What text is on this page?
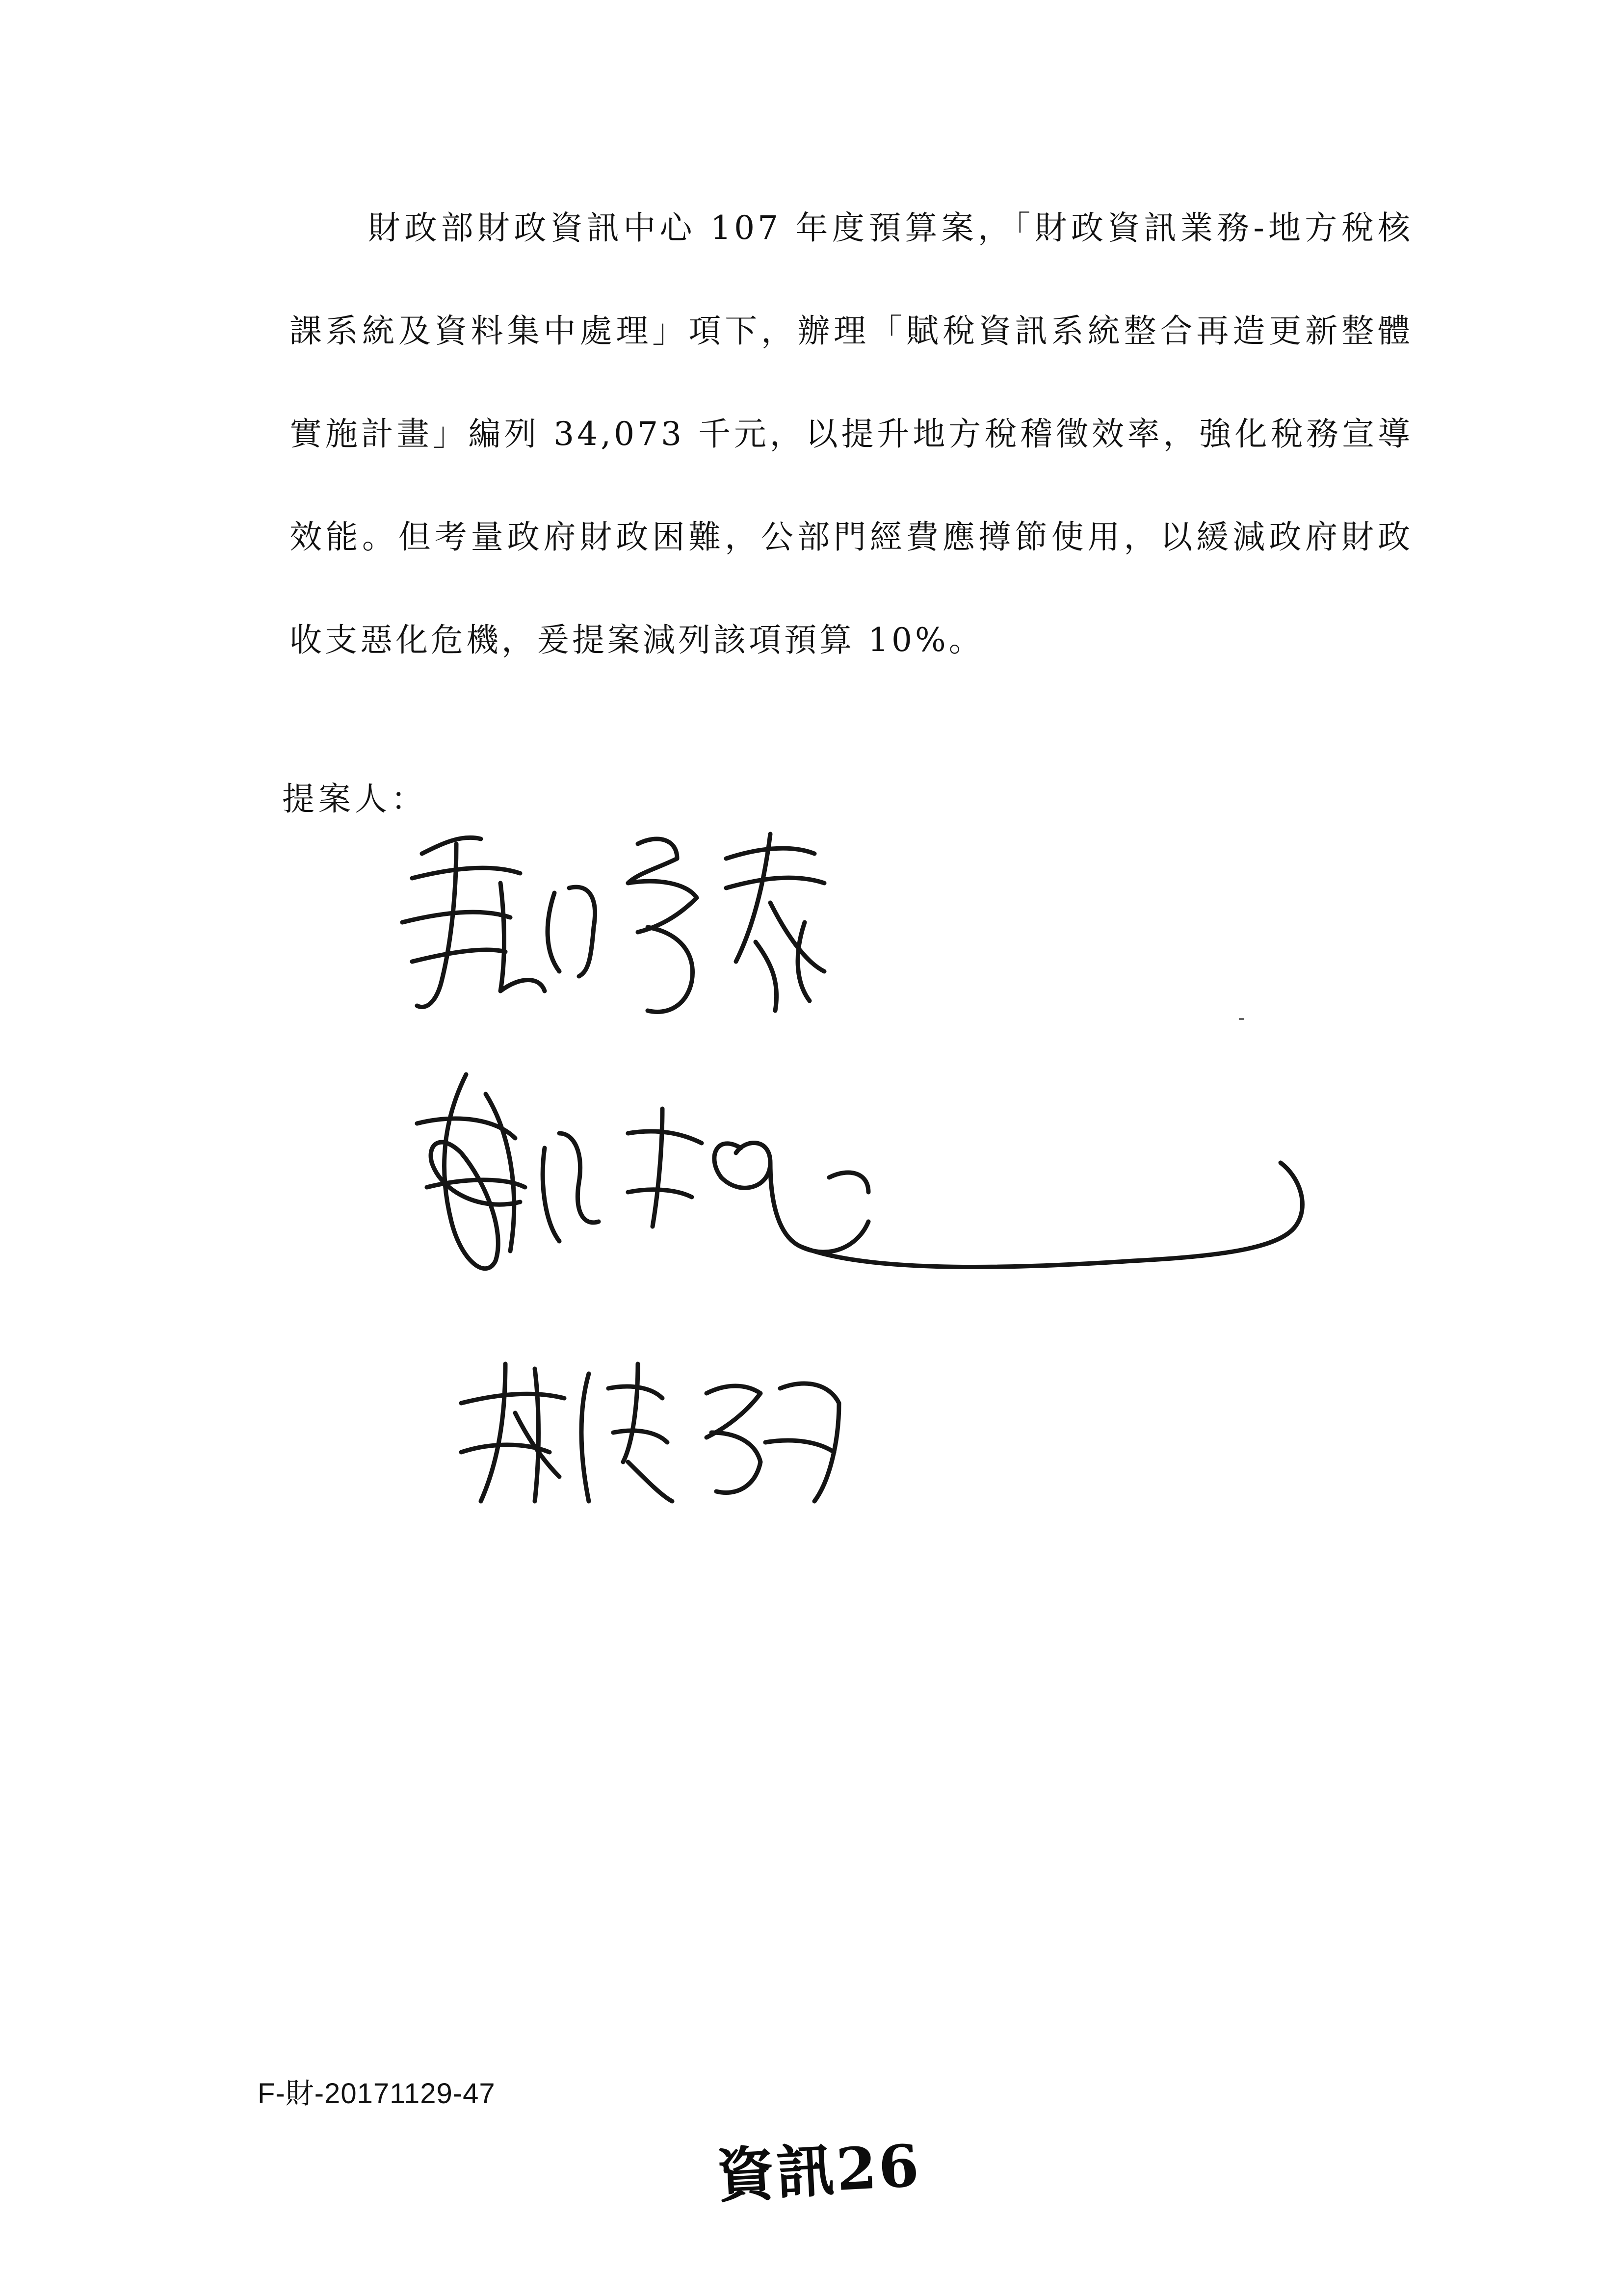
財政部財政資訊中心 107 年度預算案，「財政資訊業務-地方稅核課系統及資料集中處理」項下，辦理「賦稅資訊系統整合再造更新整體實施計畫」編列 34,073 千元，以提升地方稅稽徵效率，強化稅務宣導效能。但考量政府財政困難，公部門經費應撙節使用，以緩減政府財政收支惡化危機，爰提案減列該項預算 10%。

提案人：
F-財-20171129-47
資訊26
